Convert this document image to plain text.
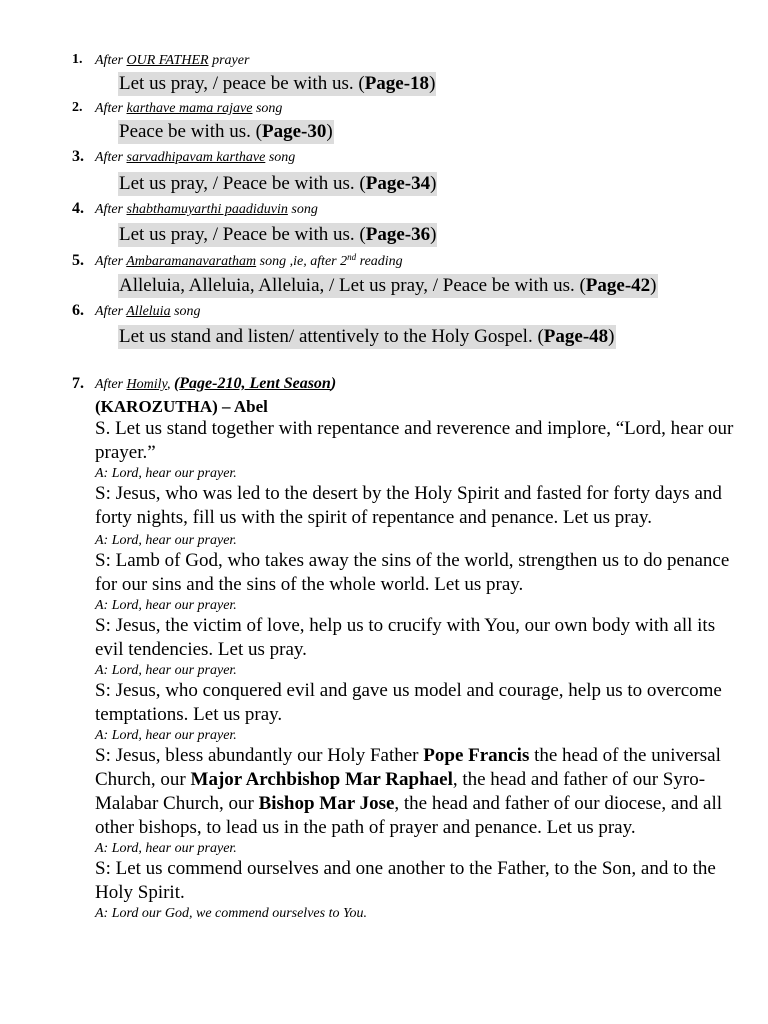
1. After OUR FATHER prayer
Let us pray, / peace be with us. (Page-18)
2. After karthave mama rajave song
Peace be with us. (Page-30)
3. After sarvadhipavam karthave song
Let us pray, / Peace be with us. (Page-34)
4. After shabthamuyarthi paadiduvin song
Let us pray, / Peace be with us. (Page-36)
5. After Ambaramanavaratham song ,ie, after 2nd reading
Alleluia, Alleluia, Alleluia, / Let us pray, / Peace be with us. (Page-42)
6. After Alleluia song
Let us stand and listen/ attentively to the Holy Gospel. (Page-48)
7. After Homily, (Page-210, Lent Season)
(KAROZUTHA) – Abel
S. Let us stand together with repentance and reverence and implore, “Lord, hear our prayer.”
A: Lord, hear our prayer.
S: Jesus, who was led to the desert by the Holy Spirit and fasted for forty days and forty nights, fill us with the spirit of repentance and penance. Let us pray.
A: Lord, hear our prayer.
S: Lamb of God, who takes away the sins of the world, strengthen us to do penance for our sins and the sins of the whole world. Let us pray.
A: Lord, hear our prayer.
S: Jesus, the victim of love, help us to crucify with You, our own body with all its evil tendencies. Let us pray.
A: Lord, hear our prayer.
S: Jesus, who conquered evil and gave us model and courage, help us to overcome temptations. Let us pray.
A: Lord, hear our prayer.
S: Jesus, bless abundantly our Holy Father Pope Francis the head of the universal Church, our Major Archbishop Mar Raphael, the head and father of our Syro-Malabar Church, our Bishop Mar Jose, the head and father of our diocese, and all other bishops, to lead us in the path of prayer and penance. Let us pray.
A: Lord, hear our prayer.
S: Let us commend ourselves and one another to the Father, to the Son, and to the Holy Spirit.
A: Lord our God, we commend ourselves to You.
